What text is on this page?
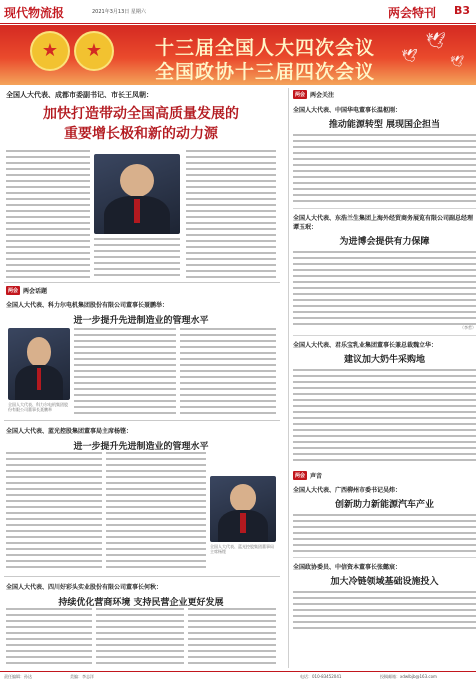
现代物流报	2021年3月13日 星期六	两会特刊 B3
★
★
十三届全国人大四次会议
全国政协十三届四次会议
🕊
🕊	🕊
全国人大代表、成都市委副书记、市长王凤朝：
加快打造带动全国高质量发展的
重要增长极和新的动力源
两会 两会话题
全国人大代表、科力尔电机集团股份有限公司董事长聂鹏举：
进一步提升先进制造业的管理水平
全国人大代表、科力尔电机集团股份有限公司董事长聂鹏举
全国人大代表、蓝光控股集团董事局主席杨铿：
进一步提升先进制造业的管理水平
全国人大代表、蓝光控股集团董事局主席杨铿
全国人大代表、四川好彩头实业股份有限公司董事长何秋：
持续优化营商环境 支持民营企业更好发展
两会 两会关注
全国人大代表、中国华电董事长温枢刚：
推动能源转型 展现国企担当
全国人大代表、东浩兰生集团上海外经贸商务展览有限公司副总经理谭玉珉：
为进博会提供有力保障
（李哲）
全国人大代表、君乐宝乳业集团董事长兼总裁魏立华：
建议加大奶牛采购地
两会 声音
全国人大代表、广西柳州市委书记吴炜：
创新助力新能源汽车产业
全国政协委员、中信资本董事长张懿宸：
加大冷链领域基础设施投入
责任编辑：孙达	美编：李志洋	电话：010-83452041	投稿邮箱：xdwlbjb@163.com
